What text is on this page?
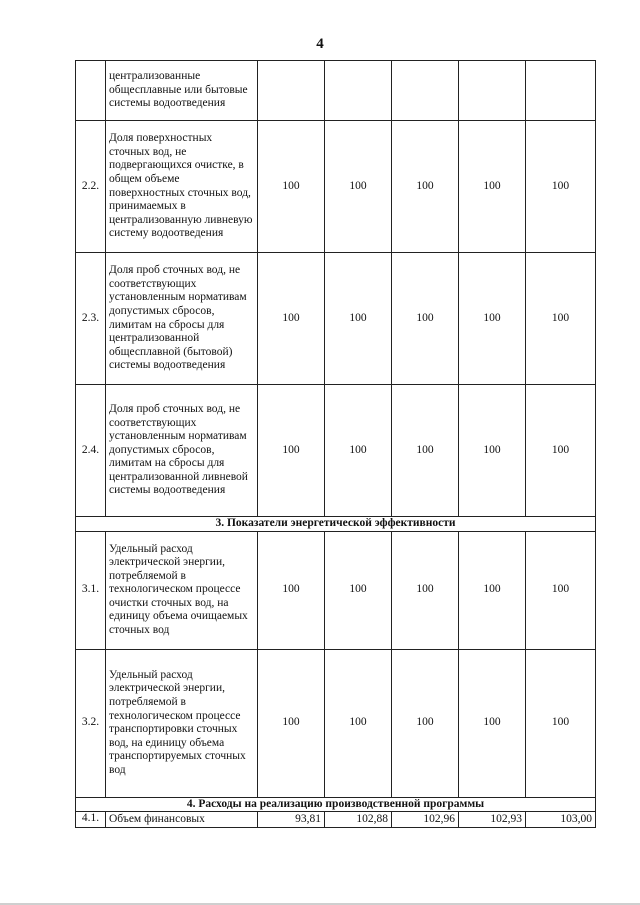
4
	централизованные общесплавные или бытовые системы водоотведения					
2.2.	Доля поверхностных сточных вод, не подвергающихся очистке, в общем объеме поверхностных сточных вод, принимаемых в централизованную ливневую систему водоотведения	100	100	100	100	100
2.3.	Доля проб сточных вод, не соответствующих установленным нормативам допустимых сбросов, лимитам на сбросы для централизованной общесплавной (бытовой) системы водоотведения	100	100	100	100	100
2.4.	Доля проб сточных вод, не соответствующих установленным нормативам допустимых сбросов, лимитам на сбросы для централизованной ливневой системы водоотведения	100	100	100	100	100
3. Показатели энергетической эффективности						
3.1.	Удельный расход электрической энергии, потребляемой в технологическом процессе очистки сточных вод, на единицу объема очищаемых сточных вод	100	100	100	100	100
3.2.	Удельный расход электрической энергии, потребляемой в технологическом процессе транспортировки сточных вод, на единицу объема транспортируемых сточных вод	100	100	100	100	100
4. Расходы на реализацию производственной программы						
4.1.	Объем финансовых	93,81	102,88	102,96	102,93	103,00
